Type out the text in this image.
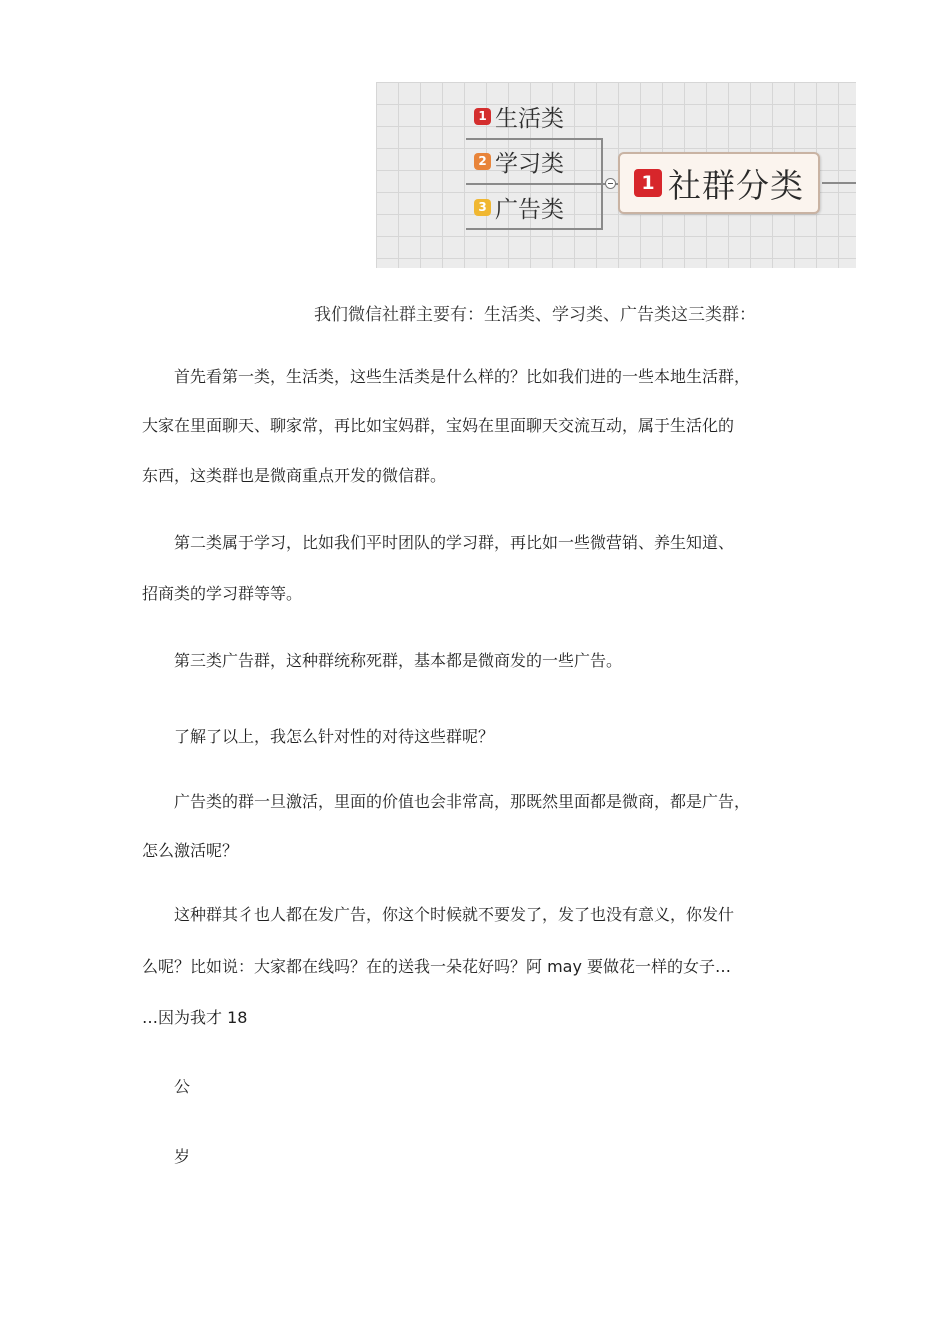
1 生活类
2 学习类
3 广告类
1 社群分类

我们微信社群主要有：生活类、学习类、广告类这三类群：

首先看第一类，生活类，这些生活类是什么样的？比如我们进的一些本地生活群，

大家在里面聊天、聊家常，再比如宝妈群，宝妈在里面聊天交流互动，属于生活化的

东西，这类群也是微商重点开发的微信群。

第二类属于学习，比如我们平时团队的学习群，再比如一些微营销、养生知道、

招商类的学习群等等。

第三类广告群，这种群统称死群，基本都是微商发的一些广告。

了解了以上，我怎么针对性的对待这些群呢？

广告类的群一旦激活，里面的价值也会非常高，那既然里面都是微商，都是广告，

怎么激活呢？

这种群其彳也人都在发广告，你这个时候就不要发了，发了也没有意义，你发什

么呢？比如说：大家都在线吗？在的送我一朵花好吗？阿 may 要做花一样的女子…

…因为我才 18

公

岁
